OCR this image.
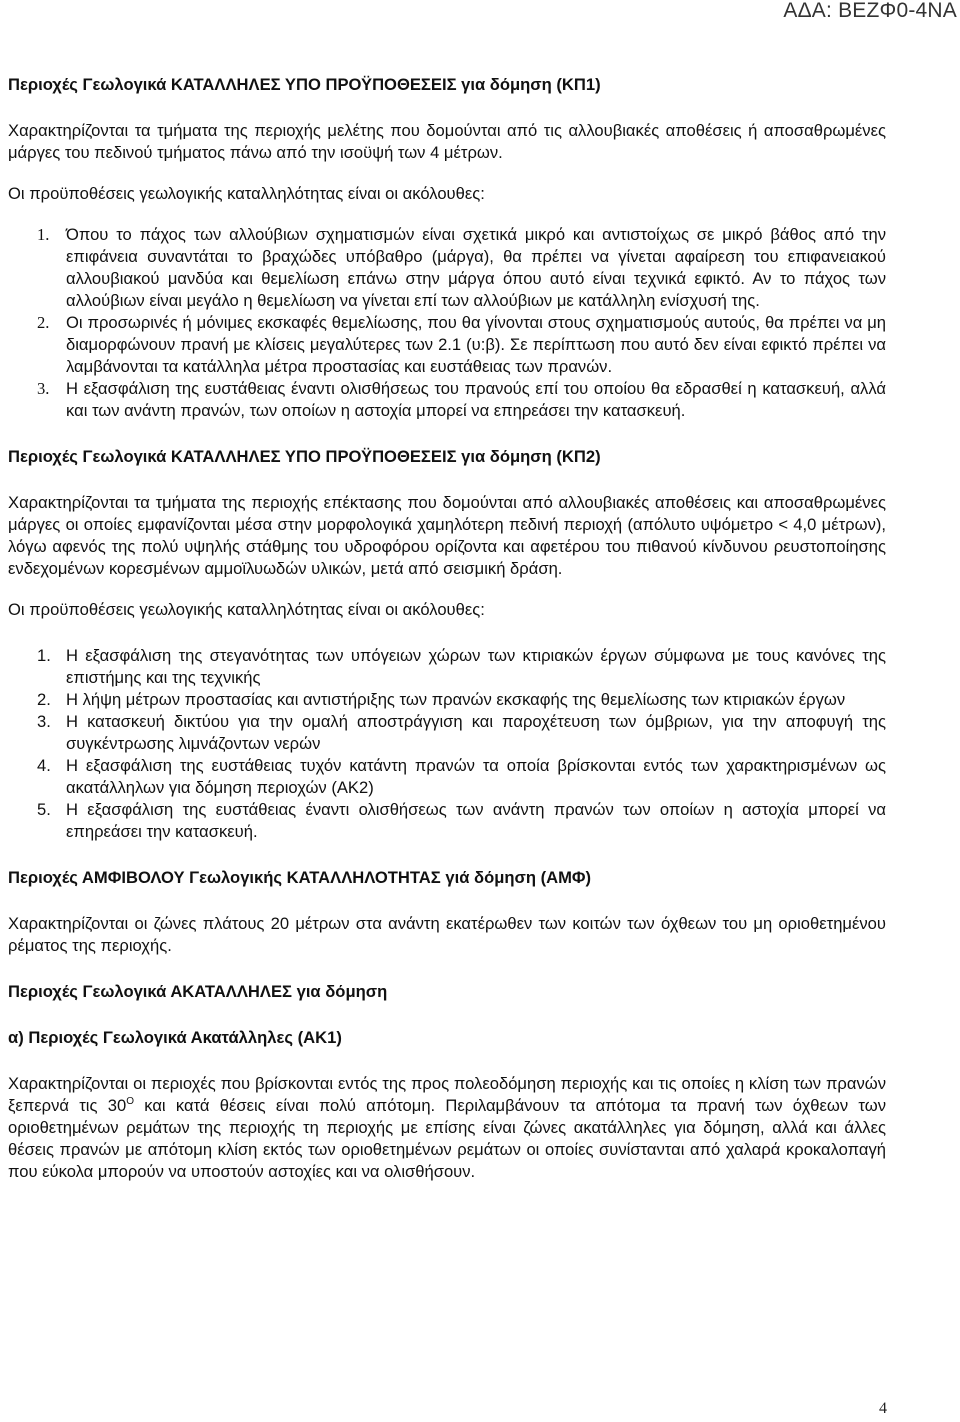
ΑΔΑ: ΒΕΖΦ0-4ΝΑ
Περιοχές Γεωλογικά ΚΑΤΑΛΛΗΛΕΣ ΥΠΟ ΠΡΟΫΠΟΘΕΣΕΙΣ για δόμηση (ΚΠ1)

Χαρακτηρίζονται τα τμήματα της περιοχής μελέτης που δομούνται από τις αλλουβιακές αποθέσεις ή αποσαθρωμένες μάργες του πεδινού τμήματος πάνω από την ισοϋψή των 4 μέτρων.

Οι προϋποθέσεις γεωλογικής καταλληλότητας είναι οι ακόλουθες:

1. Όπου το πάχος των αλλούβιων σχηματισμών είναι σχετικά μικρό και αντιστοίχως σε μικρό βάθος από την επιφάνεια συναντάται το βραχώδες υπόβαθρο (μάργα), θα πρέπει να γίνεται αφαίρεση του επιφανειακού αλλουβιακού μανδύα και θεμελίωση επάνω στην μάργα όπου αυτό είναι τεχνικά εφικτό. Αν το πάχος των αλλούβιων είναι μεγάλο η θεμελίωση να γίνεται επί των αλλούβιων με κατάλληλη ενίσχυσή της.
2. Οι προσωρινές ή μόνιμες εκσκαφές θεμελίωσης, που θα γίνονται στους σχηματισμούς αυτούς, θα πρέπει να μη διαμορφώνουν πρανή με κλίσεις μεγαλύτερες των 2.1 (υ:β). Σε περίπτωση που αυτό δεν είναι εφικτό πρέπει να λαμβάνονται τα κατάλληλα μέτρα προστασίας και ευστάθειας των πρανών.
3. Η εξασφάλιση της ευστάθειας έναντι ολισθήσεως του πρανούς επί του οποίου θα εδρασθεί η κατασκευή, αλλά και των ανάντη πρανών, των οποίων η αστοχία μπορεί να επηρεάσει την κατασκευή.
Περιοχές Γεωλογικά ΚΑΤΑΛΛΗΛΕΣ ΥΠΟ ΠΡΟΫΠΟΘΕΣΕΙΣ για δόμηση (ΚΠ2)

Χαρακτηρίζονται τα τμήματα της περιοχής επέκτασης που δομούνται από αλλουβιακές αποθέσεις και αποσαθρωμένες μάργες οι οποίες εμφανίζονται μέσα στην μορφολογικά χαμηλότερη πεδινή περιοχή (απόλυτο υψόμετρο < 4,0 μέτρων), λόγω αφενός της πολύ υψηλής στάθμης του υδροφόρου ορίζοντα και αφετέρου του πιθανού κίνδυνου ρευστοποίησης ενδεχομένων κορεσμένων αμμοϊλυωδών υλικών, μετά από σεισμική δράση.

Οι προϋποθέσεις γεωλογικής καταλληλότητας είναι οι ακόλουθες:

1. Η εξασφάλιση της στεγανότητας των υπόγειων χώρων των κτιριακών έργων σύμφωνα με τους κανόνες της επιστήμης και της τεχνικής
2. Η λήψη μέτρων προστασίας και αντιστήριξης των πρανών εκσκαφής της θεμελίωσης των κτιριακών έργων
3. Η κατασκευή δικτύου για την ομαλή αποστράγγιση και παροχέτευση των όμβριων, για την αποφυγή της συγκέντρωσης λιμνάζοντων νερών
4. Η εξασφάλιση της ευστάθειας τυχόν κατάντη πρανών τα οποία βρίσκονται εντός των χαρακτηρισμένων ως ακατάλληλων για δόμηση περιοχών (ΑΚ2)
5. Η εξασφάλιση της ευστάθειας έναντι ολισθήσεως των ανάντη πρανών των οποίων η αστοχία μπορεί να επηρεάσει την κατασκευή.
Περιοχές ΑΜΦΙΒΟΛΟΥ Γεωλογικής ΚΑΤΑΛΛΗΛΟΤΗΤΑΣ γιά δόμηση (ΑΜΦ)

Χαρακτηρίζονται οι ζώνες πλάτους 20 μέτρων στα ανάντη εκατέρωθεν των κοιτών των όχθεων του μη οριοθετημένου ρέματος της περιοχής.

Περιοχές Γεωλογικά ΑΚΑΤΑΛΛΗΛΕΣ για δόμηση
α) Περιοχές Γεωλογικά Ακατάλληλες (ΑΚ1)

Χαρακτηρίζονται οι περιοχές που βρίσκονται εντός της προς πολεοδόμηση περιοχής και τις οποίες η κλίση των πρανών ξεπερνά τις $30^O$ και κατά θέσεις είναι πολύ απότομη. Περιλαμβάνουν τα απότομα τα πρανή των όχθεων των οριοθετημένων ρεμάτων της περιοχής τη περιοχής με επίσης είναι ζώνες ακατάλληλες για δόμηση, αλλά και άλλες θέσεις πρανών με απότομη κλίση εκτός των οριοθετημένων ρεμάτων οι οποίες συνίστανται από χαλαρά κροκαλοπαγή που εύκολα μπορούν να υποστούν αστοχίες και να ολισθήσουν.

4
